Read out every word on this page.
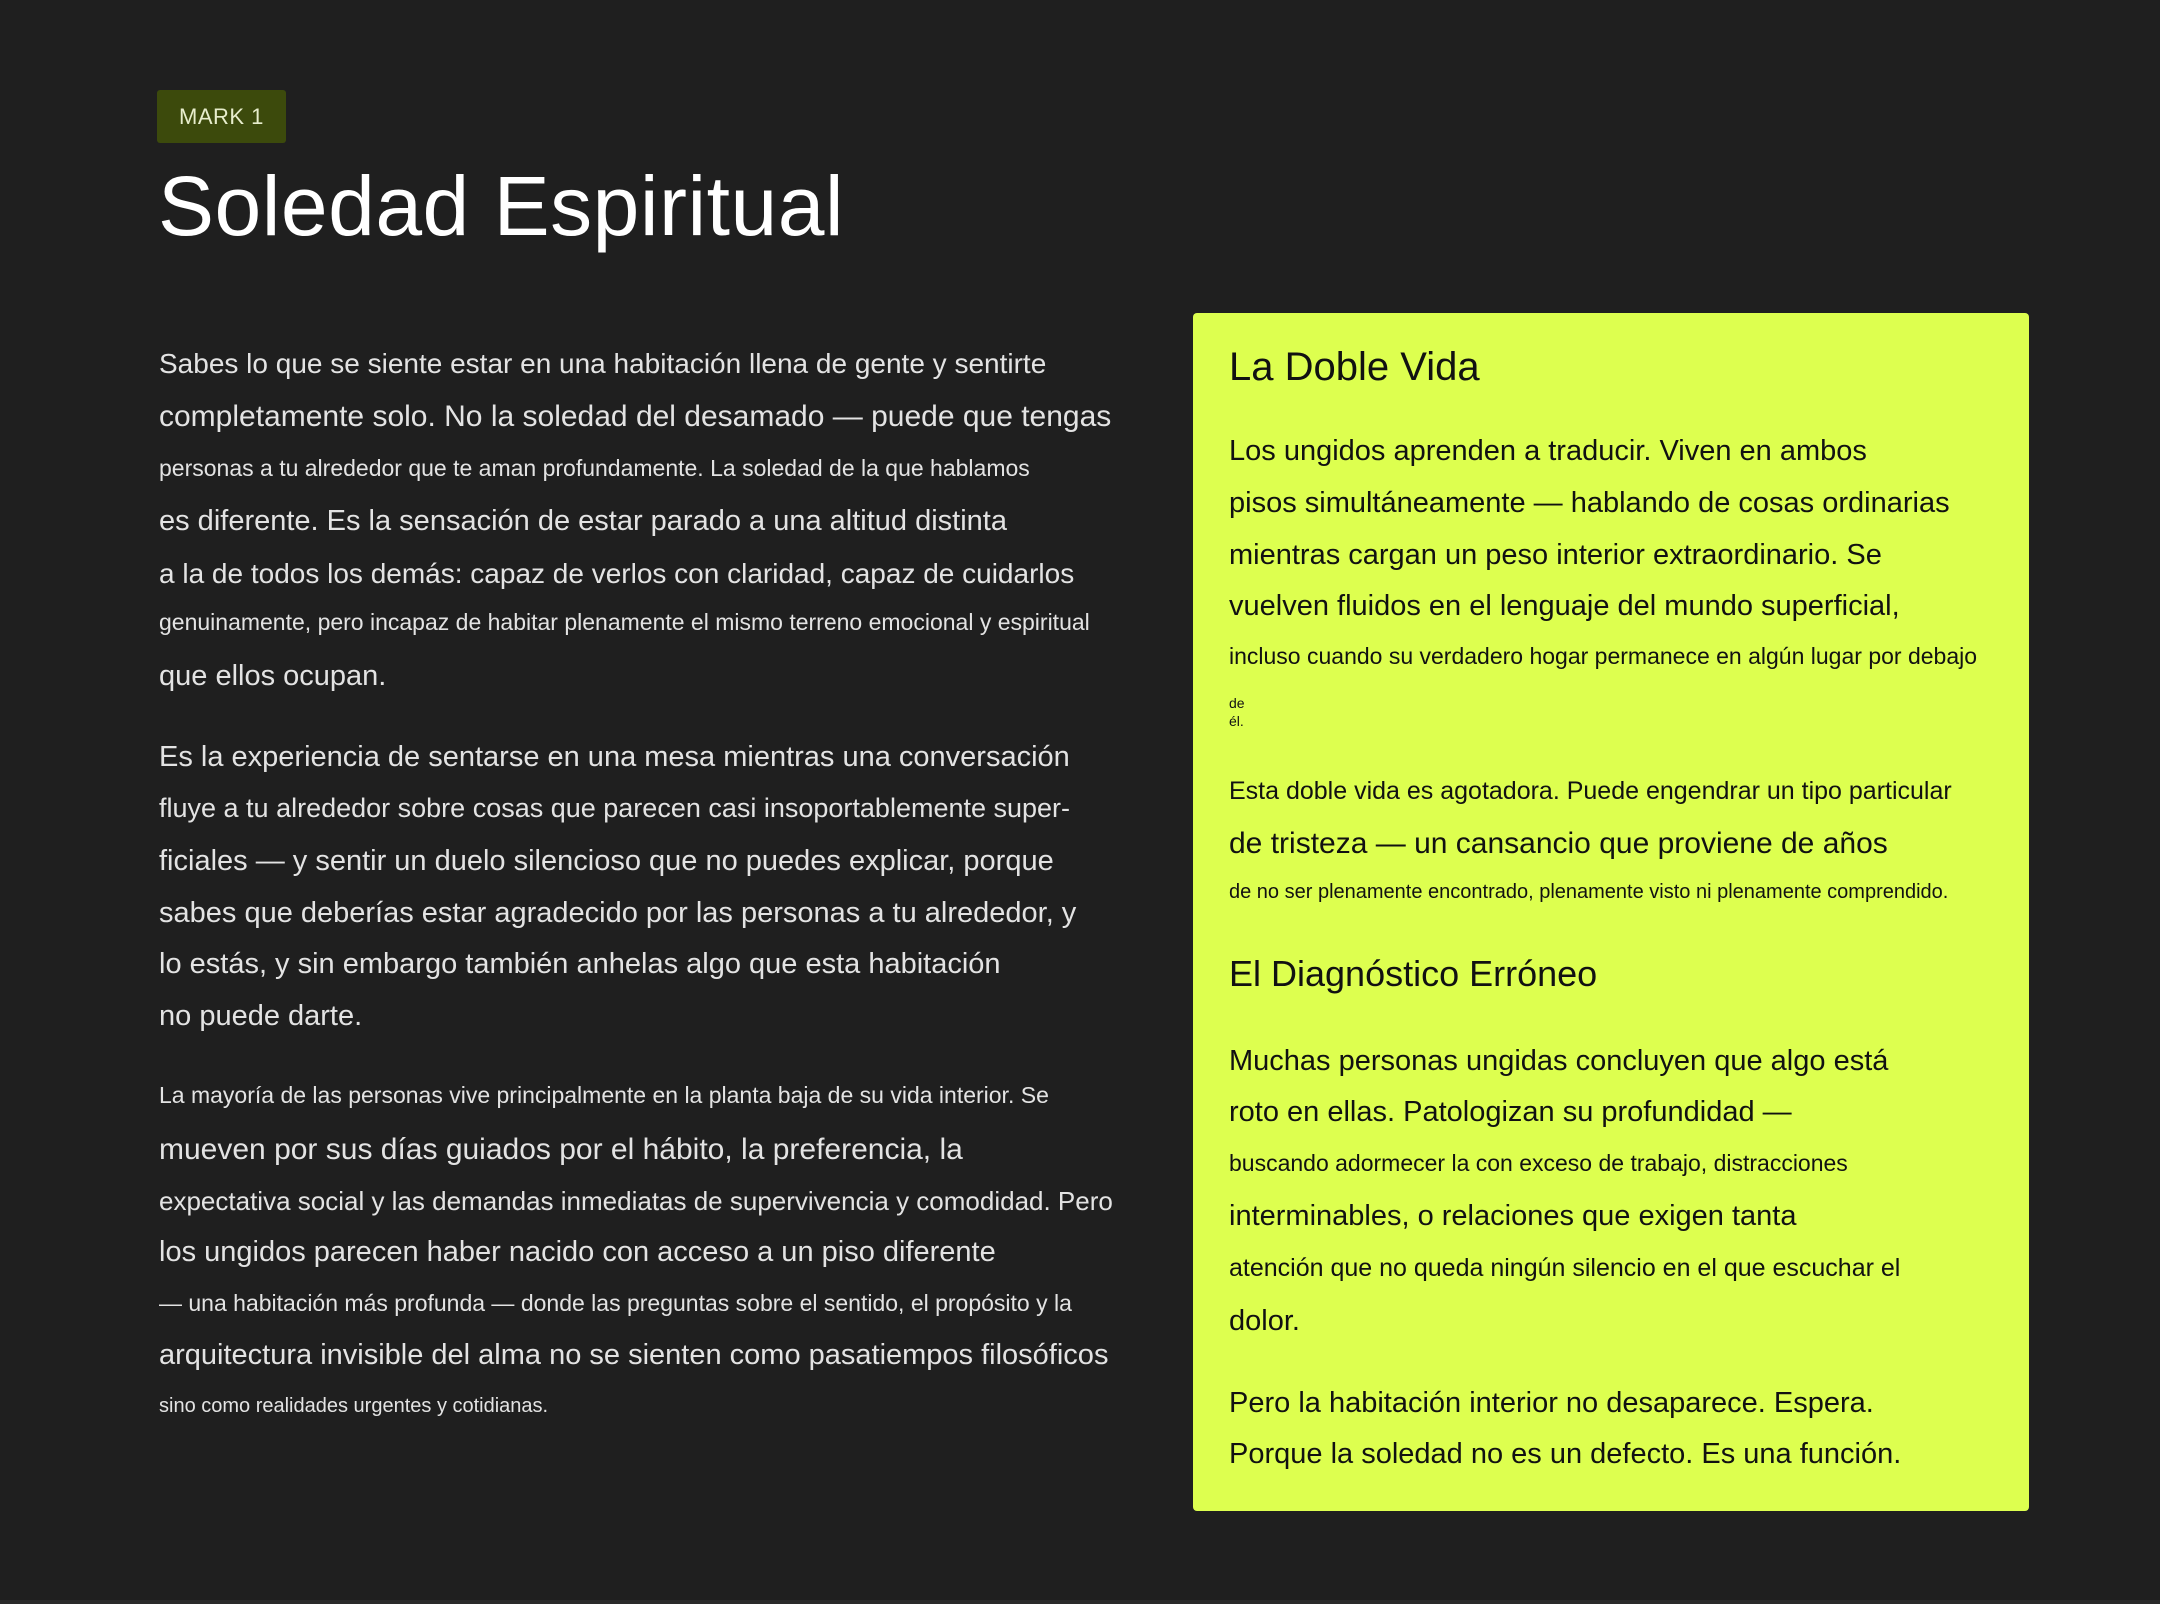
MARK 1
Soledad Espiritual
Sabes lo que se siente estar en una habitación llena de gente y sentirte
completamente solo. No la soledad del desamado — puede que tengas
personas a tu alrededor que te aman profundamente. La soledad de la que hablamos
es diferente. Es la sensación de estar parado a una altitud distinta
a la de todos los demás: capaz de verlos con claridad, capaz de cuidarlos
genuinamente, pero incapaz de habitar plenamente el mismo terreno emocional y espiritual
que ellos ocupan.
Es la experiencia de sentarse en una mesa mientras una conversación
fluye a tu alrededor sobre cosas que parecen casi insoportablemente super-
ficiales — y sentir un duelo silencioso que no puedes explicar, porque
sabes que deberías estar agradecido por las personas a tu alrededor, y
lo estás, y sin embargo también anhelas algo que esta habitación
no puede darte.
La mayoría de las personas vive principalmente en la planta baja de su vida interior. Se
mueven por sus días guiados por el hábito, la preferencia, la
expectativa social y las demandas inmediatas de supervivencia y comodidad. Pero
los ungidos parecen haber nacido con acceso a un piso diferente
— una habitación más profunda — donde las preguntas sobre el sentido, el propósito y la
arquitectura invisible del alma no se sienten como pasatiempos filosóficos
sino como realidades urgentes y cotidianas.
La Doble Vida
Los ungidos aprenden a traducir. Viven en ambos
pisos simultáneamente — hablando de cosas ordinarias
mientras cargan un peso interior extraordinario. Se
vuelven fluidos en el lenguaje del mundo superficial,
incluso cuando su verdadero hogar permanece en algún lugar por debajo
de
él.
Esta doble vida es agotadora. Puede engendrar un tipo particular
de tristeza — un cansancio que proviene de años
de no ser plenamente encontrado, plenamente visto ni plenamente comprendido.
El Diagnóstico Erróneo
Muchas personas ungidas concluyen que algo está
roto en ellas. Patologizan su profundidad —
buscando adormecer la con exceso de trabajo, distracciones
interminables, o relaciones que exigen tanta
atención que no queda ningún silencio en el que escuchar el
dolor.
Pero la habitación interior no desaparece. Espera.
Porque la soledad no es un defecto. Es una función.
